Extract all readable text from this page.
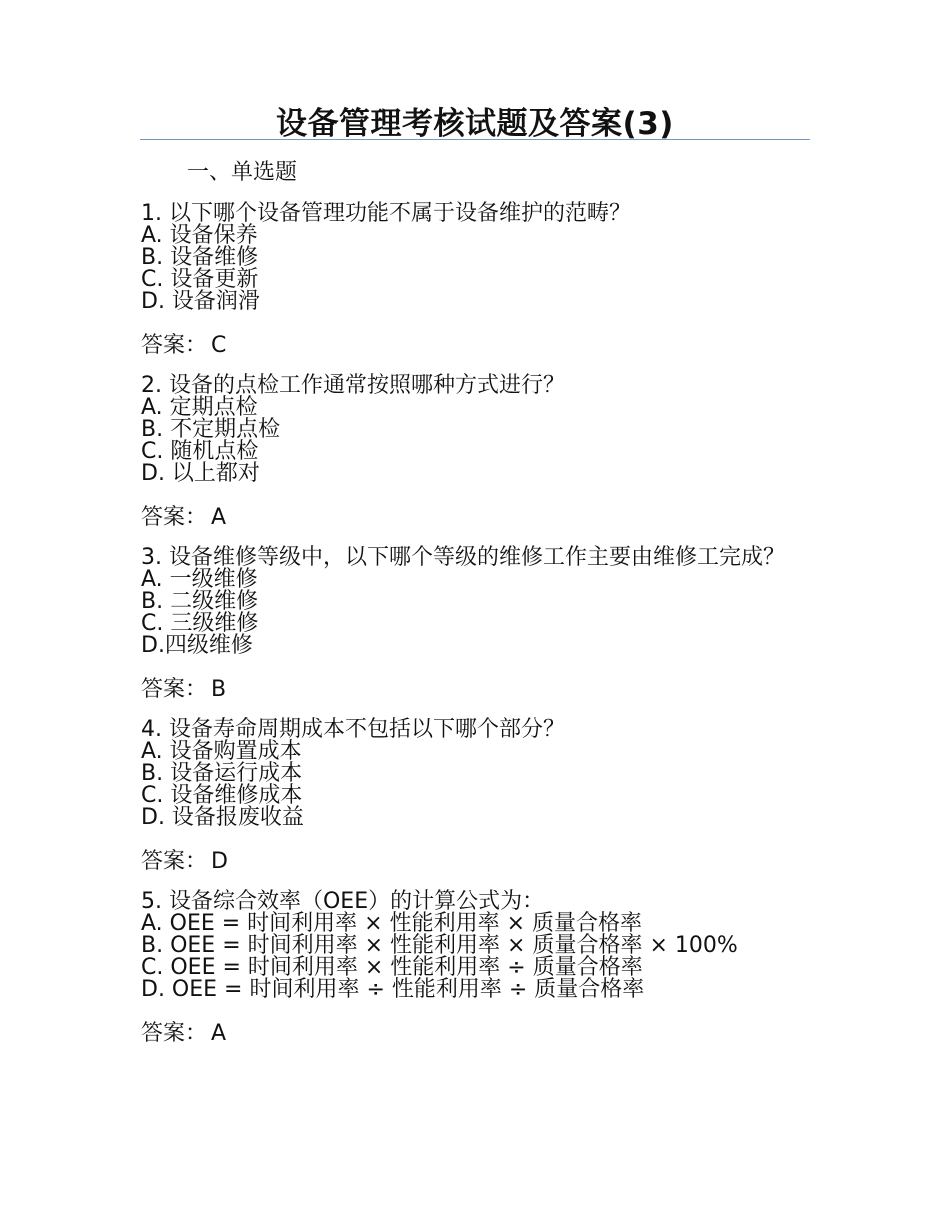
设备管理考核试题及答案(3)
一、单选题
1. 以下哪个设备管理功能不属于设备维护的范畴？
A. 设备保养
B. 设备维修
C. 设备更新
D. 设备润滑
答案： C
2. 设备的点检工作通常按照哪种方式进行？
A. 定期点检
B. 不定期点检
C. 随机点检
D. 以上都对
答案： A
3. 设备维修等级中，以下哪个等级的维修工作主要由维修工完成？
A. 一级维修
B. 二级维修
C. 三级维修
D.四级维修
答案： B
4. 设备寿命周期成本不包括以下哪个部分？
A. 设备购置成本
B. 设备运行成本
C. 设备维修成本
D. 设备报废收益
答案： D
5. 设备综合效率（OEE）的计算公式为：
A. OEE = 时间利用率 × 性能利用率 × 质量合格率
B. OEE = 时间利用率 × 性能利用率 × 质量合格率 × 100%
C. OEE = 时间利用率 × 性能利用率 ÷ 质量合格率
D. OEE = 时间利用率 ÷ 性能利用率 ÷ 质量合格率
答案： A
